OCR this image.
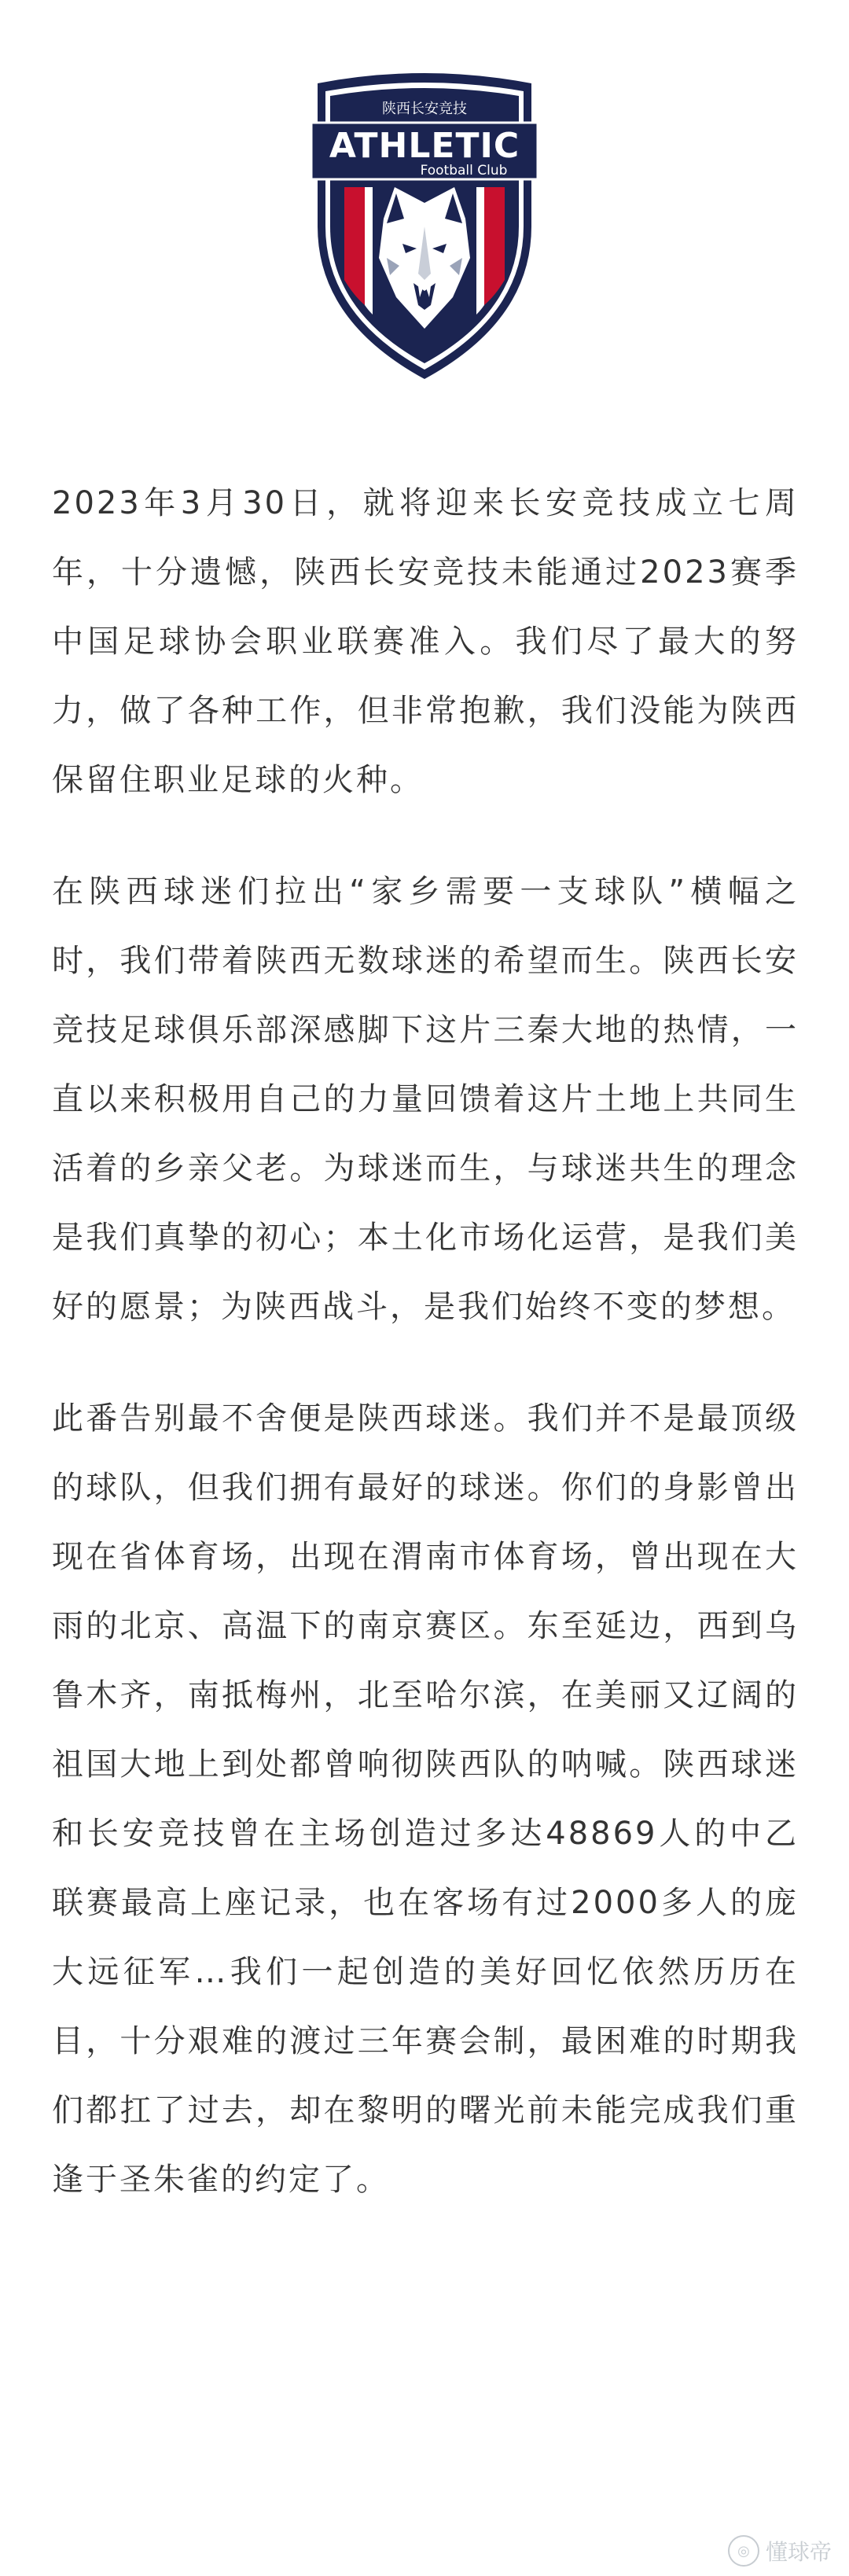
陕西长安竞技
ATHLETIC
Football Club

2023年3月30日，就将迎来长安竞技成立七周年，十分遗憾，陕西长安竞技未能通过2023赛季中国足球协会职业联赛准入。我们尽了最大的努力，做了各种工作，但非常抱歉，我们没能为陕西保留住职业足球的火种。

在陕西球迷们拉出“家乡需要一支球队”横幅之时，我们带着陕西无数球迷的希望而生。陕西长安竞技足球俱乐部深感脚下这片三秦大地的热情，一直以来积极用自己的力量回馈着这片土地上共同生活着的乡亲父老。为球迷而生，与球迷共生的理念是我们真挚的初心；本土化市场化运营，是我们美好的愿景；为陕西战斗，是我们始终不变的梦想。

此番告别最不舍便是陕西球迷。我们并不是最顶级的球队，但我们拥有最好的球迷。你们的身影曾出现在省体育场，出现在渭南市体育场，曾出现在大雨的北京、高温下的南京赛区。东至延边，西到乌鲁木齐，南抵梅州，北至哈尔滨，在美丽又辽阔的祖国大地上到处都曾响彻陕西队的呐喊。陕西球迷和长安竞技曾在主场创造过多达48869人的中乙联赛最高上座记录，也在客场有过2000多人的庞大远征军…我们一起创造的美好回忆依然历历在目，十分艰难的渡过三年赛会制，最困难的时期我们都扛了过去，却在黎明的曙光前未能完成我们重逢于圣朱雀的约定了。

◎ 懂球帝
